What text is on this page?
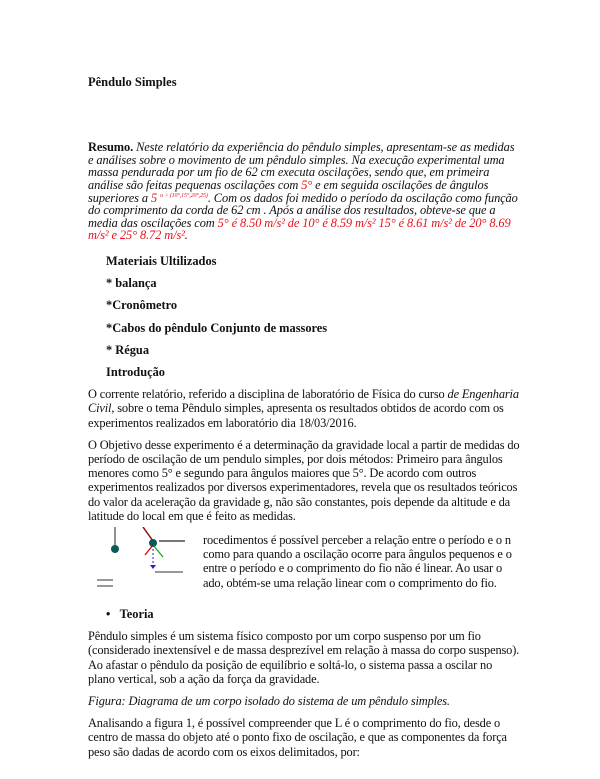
Pêndulo Simples
Resumo. Neste relatório da experiência do pêndulo simples, apresentam-se as medidas e análises sobre o movimento de um pêndulo simples. Na execução experimental uma massa pendurada por um fio de 62 cm executa oscilações, sendo que, em primeira análise são feitas pequenas oscilações com 5° e em seguida oscilações de ângulos superiores a 5 $^{o > (10^\circ,15^\circ,20^\circ,25)}$. Com os dados foi medido o período da oscilação como função do comprimento da corda de 62 cm . Após a análise dos resultados, obteve-se que a media das oscilações com 5° é 8.50 m/s² de 10° é 8.59 m/s² 15° é 8.61 m/s² de 20° 8.69 m/s² e 25° 8.72 m/s².
Materiais Ultilizados
* balança
*Cronômetro
*Cabos do pêndulo Conjunto de massores
* Régua
Introdução
O corrente relatório, referido a disciplina de laboratório de Física do curso de Engenharia Civil, sobre o tema Pêndulo simples, apresenta os resultados obtidos de acordo com os experimentos realizados em laboratório dia 18/03/2016.
O Objetivo desse experimento é a determinação da gravidade local a partir de medidas do período de oscilação de um pendulo simples, por dois métodos: Primeiro para ângulos menores como 5° e segundo para ângulos maiores que 5°. De acordo com outros experimentos realizados por diversos experimentadores, revela que os resultados teóricos do valor da aceleração da gravidade g, não são constantes, pois depende da altitude e da latitude do local em que é feito as medidas.
rocedimentos é possível perceber a relação entre o período e o n como para quando a oscilação ocorre para ângulos pequenos e o entre o período e o comprimento do fio não é linear. Ao usar o ado, obtém-se uma relação linear com o comprimento do fio.
•   Teoria
Pêndulo simples é um sistema físico composto por um corpo suspenso por um fio (considerado inextensível e de massa desprezível em relação à massa do corpo suspenso). Ao afastar o pêndulo da posição de equilíbrio e soltá-lo, o sistema passa a oscilar no plano vertical, sob a ação da força da gravidade.
Figura: Diagrama de um corpo isolado do sistema de um pêndulo simples.
Analisando a figura 1, é possível compreender que L é o comprimento do fio, desde o centro de massa do objeto até o ponto fixo de oscilação, e que as componentes da força peso são dadas de acordo com os eixos delimitados, por:
